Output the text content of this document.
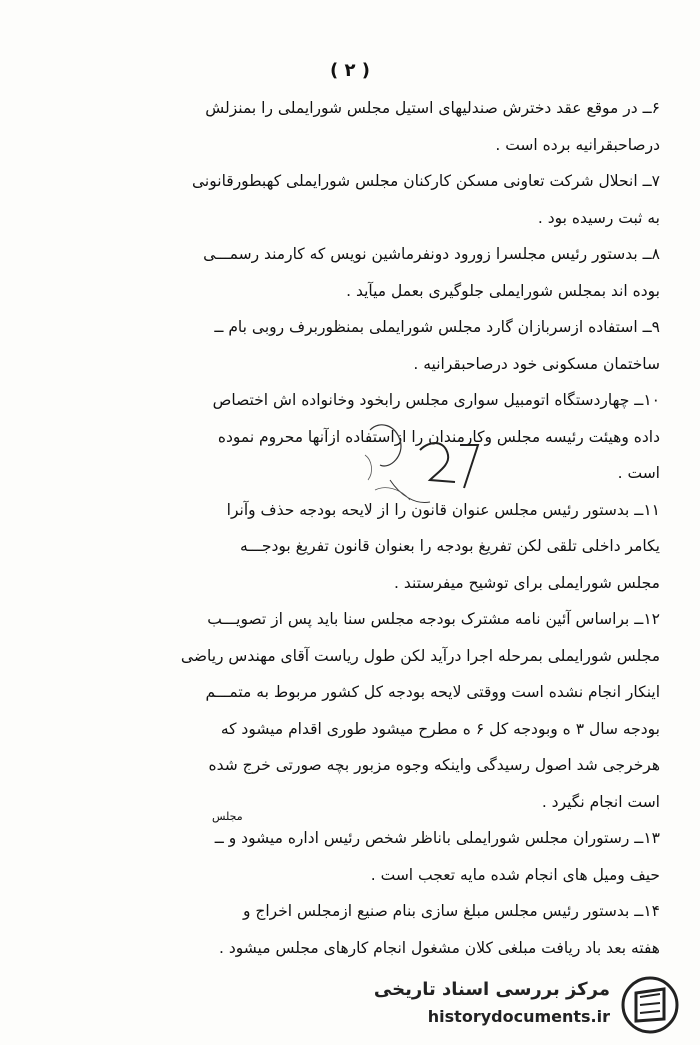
( ۲ )
مجلس
۶ــ در موقع عقد دخترش صندلیهای استیل مجلس شورایملی را بمنزلش
درصاحبقرانیه برده است .
۷ــ انحلال شرکت تعاونی مسکن کارکنان مجلس شورایملی کهبطورقانونی
به ثبت رسیده بود .
۸ــ بدستور رئیس مجلسرا زورود دونفرماشین نویس که کارمند رسمـــی
بوده اند بمجلس شورایملی جلوگیری بعمل میآید .
۹ــ استفاده ازسربازان گارد مجلس شورایملی بمنظوربرف روبی بام ــ
ساختمان مسکونی خود درصاحبقرانیه .
۱۰ــ چهاردستگاه اتومبیل سواری مجلس رابخود وخانواده اش اختصاص
داده وهیئت رئیسه مجلس وکارمندان را ازاستفاده ازآنها محروم نموده
است .
۱۱ــ بدستور رئیس مجلس عنوان قانون را از لایحه بودجه حذف وآنرا
یکامر داخلی تلقی لکن تفریغ بودجه را بعنوان قانون تفریغ بودجـــه
مجلس شورایملی برای توشیح میفرستند .
۱۲ــ براساس آئین نامه مشترک بودجه مجلس سنا باید پس از تصویـــب
مجلس شورایملی بمرحله اجرا درآید لکن طول ریاست آقای مهندس ریاضی
اینکار انجام نشده است ووقتی لایحه بودجه کل کشور مربوط به متمـــم
بودجه سال ۳ ه وبودجه کل ۶ ه مطرح میشود طوری اقدام میشود که
هرخرجی شد اصول رسیدگی واینکه وجوه مزبور بچه صورتی خرج شده
است انجام نگیرد .
۱۳ــ رستوران مجلس شورایملی باناظر شخص رئیس اداره میشود و ــ
حیف ومیل های انجام شده مایه تعجب است .
۱۴ــ بدستور رئیس مجلس مبلغ سازی بنام صنیع ازمجلس اخراج و
هفته بعد باد ریافت مبلغی کلان مشغول انجام کارهای مجلس میشود .
مرکز بررسی اسناد تاریخی
historydocuments.ir
